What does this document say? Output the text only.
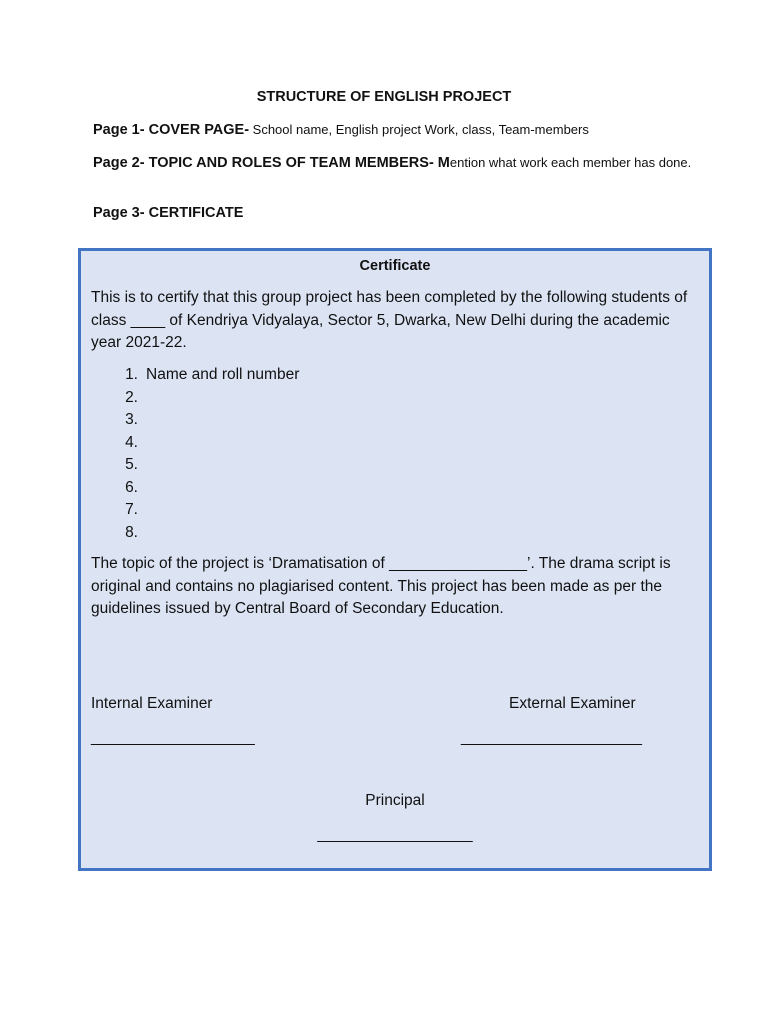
STRUCTURE OF ENGLISH PROJECT
Page 1- COVER PAGE- School name, English project Work, class, Team-members
Page 2- TOPIC AND ROLES OF TEAM MEMBERS- Mention what work each member has done.
Page 3- CERTIFICATE
Certificate
This is to certify that this group project has been completed by the following students of class ____ of Kendriya Vidyalaya, Sector 5, Dwarka, New Delhi during the academic year 2021-22.
1. Name and roll number
2.
3.
4.
5.
6.
7.
8.
The topic of the project is ‘Dramatisation of ________________’. The drama script is original and contains no plagiarised content. This project has been made as per the guidelines issued by Central Board of Secondary Education.
Internal Examiner
___________________
External Examiner
_____________________
Principal
__________________
